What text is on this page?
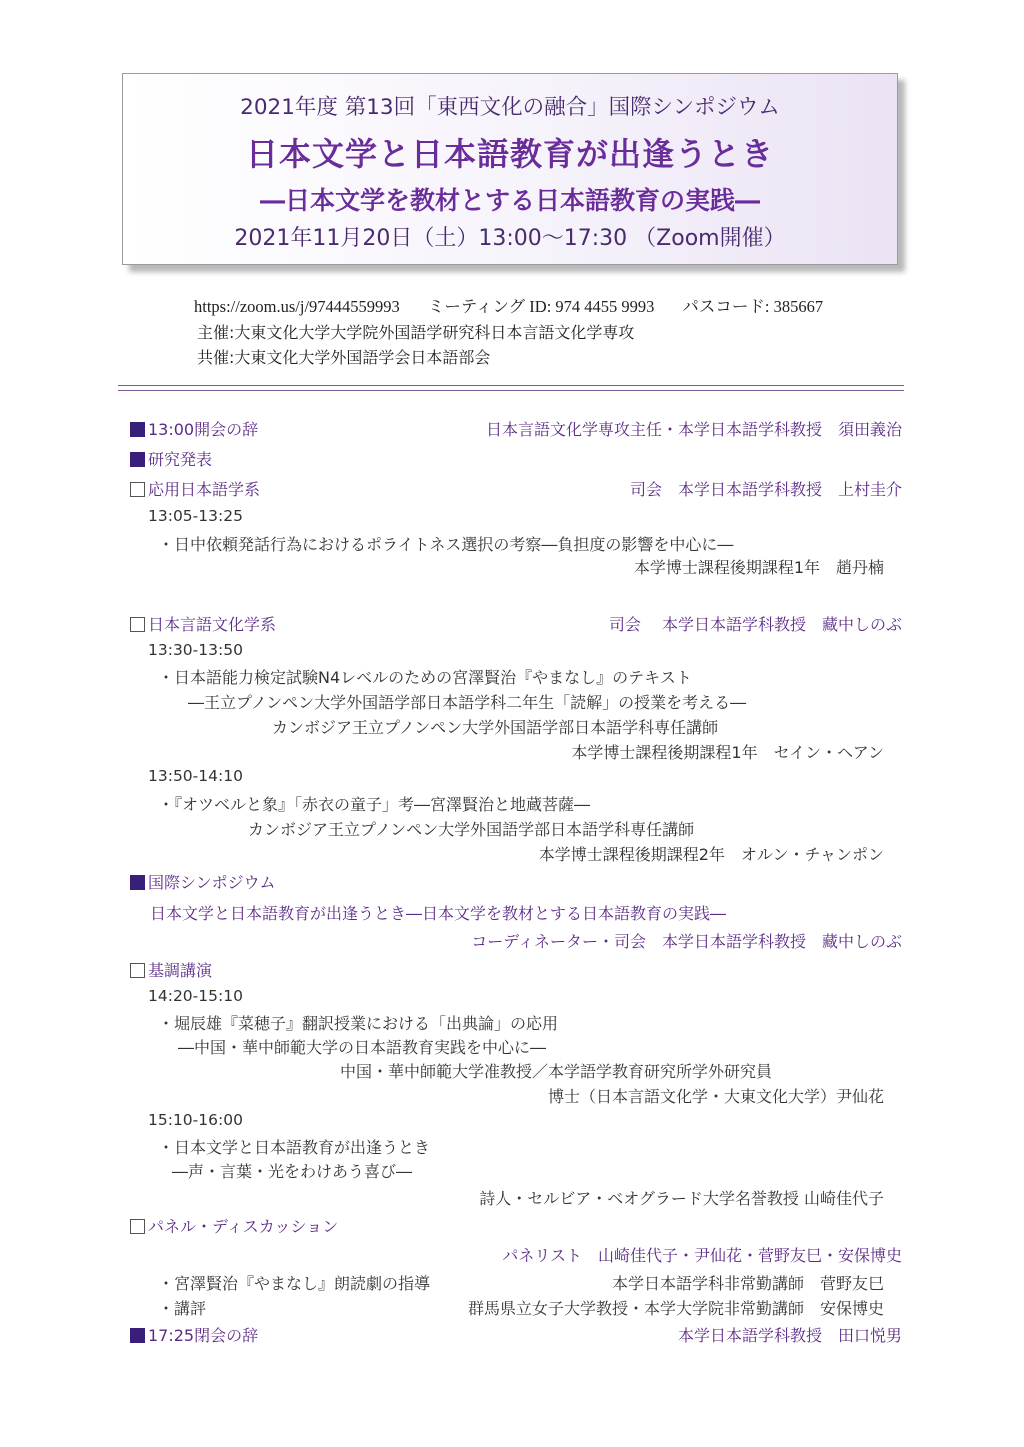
2021年度 第13回「東西文化の融合」国際シンポジウム
日本文学と日本語教育が出逢うとき
―日本文学を教材とする日本語教育の実践―
2021年11月20日（土）13:00～17:30 （Zoom開催）
https://zoom.us/j/97444559993 ミーティング ID: 974 4455 9993 パスコード: 385667
主催:大東文化大学大学院外国語学研究科日本言語文化学専攻
共催:大東文化大学外国語学会日本語部会
13:00開会の辞	日本言語文化学専攻主任・本学日本語学科教授　須田義治
研究発表
応用日本語学系	司会　本学日本語学科教授　上村圭介
13:05-13:25
・日中依頼発話行為におけるポライトネス選択の考察―負担度の影響を中心に―
本学博士課程後期課程1年　趙丹楠
日本言語文化学系	司会　 本学日本語学科教授　藏中しのぶ
13:30-13:50
・日本語能力検定試験N4レベルのための宮澤賢治『やまなし』のテキスト
―王立プノンペン大学外国語学部日本語学科二年生「読解」の授業を考える―
カンボジア王立プノンペン大学外国語学部日本語学科専任講師
本学博士課程後期課程1年　セイン・ヘアン
13:50-14:10
・『オツベルと象』「赤衣の童子」考―宮澤賢治と地蔵菩薩―
カンボジア王立プノンペン大学外国語学部日本語学科専任講師
本学博士課程後期課程2年　オルン・チャンポン
国際シンポジウム
日本文学と日本語教育が出逢うとき―日本文学を教材とする日本語教育の実践―
コーディネーター・司会　本学日本語学科教授　藏中しのぶ
基調講演
14:20-15:10
・堀辰雄『菜穂子』翻訳授業における「出典論」の応用
―中国・華中師範大学の日本語教育実践を中心に―
中国・華中師範大学准教授／本学語学教育研究所学外研究員
博士（日本言語文化学・大東文化大学）尹仙花
15:10-16:00
・日本文学と日本語教育が出逢うとき
―声・言葉・光をわけあう喜び―
詩人・セルビア・ベオグラード大学名誉教授 山崎佳代子
パネル・ディスカッション
パネリスト　山崎佳代子・尹仙花・菅野友巳・安保博史
・宮澤賢治『やまなし』朗読劇の指導	本学日本語学科非常勤講師　菅野友巳
・講評	群馬県立女子大学教授・本学大学院非常勤講師　安保博史
17:25閉会の辞	本学日本語学科教授　田口悦男
